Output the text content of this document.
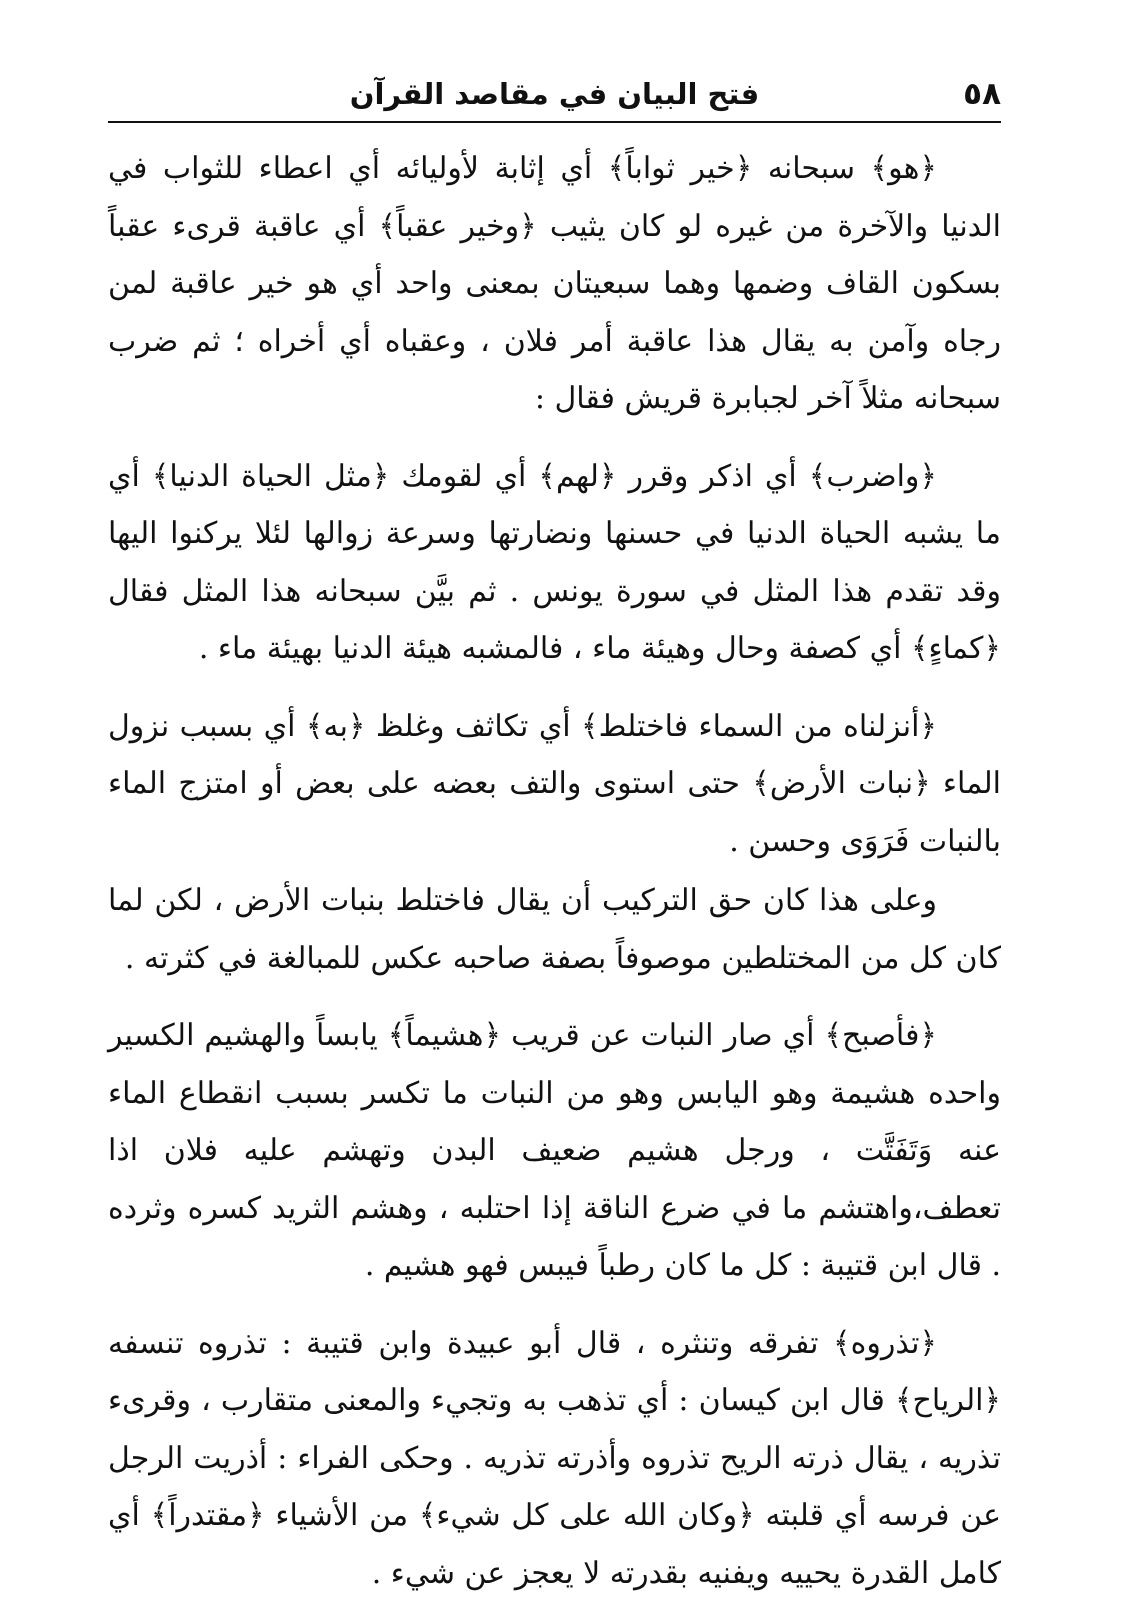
٥٨
فتح البيان في مقاصد القرآن

﴿هو﴾ سبحانه ﴿خير ثواباً﴾ أي إثابة لأوليائه أي اعطاء للثواب في الدنيا والآخرة من غيره لو كان يثيب ﴿وخير عقباً﴾ أي عاقبة قرىء عقباً بسكون القاف وضمها وهما سبعيتان بمعنى واحد أي هو خير عاقبة لمن رجاه وآمن به يقال هذا عاقبة أمر فلان ، وعقباه أي أخراه ؛ ثم ضرب سبحانه مثلاً آخر لجبابرة قريش فقال :

﴿واضرب﴾ أي اذكر وقرر ﴿لهم﴾ أي لقومك ﴿مثل الحياة الدنيا﴾ أي ما يشبه الحياة الدنيا في حسنها ونضارتها وسرعة زوالها لئلا يركنوا اليها وقد تقدم هذا المثل في سورة يونس . ثم بيَّن سبحانه هذا المثل فقال ﴿كماءٍ﴾ أي كصفة وحال وهيئة ماء ، فالمشبه هيئة الدنيا بهيئة ماء .

﴿أنزلناه من السماء فاختلط﴾ أي تكاثف وغلظ ﴿به﴾ أي بسبب نزول الماء ﴿نبات الأرض﴾ حتى استوى والتف بعضه على بعض أو امتزج الماء بالنبات فَرَوَى وحسن .

وعلى هذا كان حق التركيب أن يقال فاختلط بنبات الأرض ، لكن لما كان كل من المختلطين موصوفاً بصفة صاحبه عكس للمبالغة في كثرته .

﴿فأصبح﴾ أي صار النبات عن قريب ﴿هشيماً﴾ يابساً والهشيم الكسير واحده هشيمة وهو اليابس وهو من النبات ما تكسر بسبب انقطاع الماء عنه وَتَفَتَّت ، ورجل هشيم ضعيف البدن وتهشم عليه فلان اذا تعطف،واهتشم ما في ضرع الناقة إذا احتلبه ، وهشم الثريد كسره وثرده . قال ابن قتيبة : كل ما كان رطباً فيبس فهو هشيم .

﴿تذروه﴾ تفرقه وتنثره ، قال أبو عبيدة وابن قتيبة : تذروه تنسفه ﴿الرياح﴾ قال ابن كيسان : أي تذهب به وتجيء والمعنى متقارب ، وقرىء تذريه ، يقال ذرته الريح تذروه وأذرته تذريه . وحكى الفراء : أذريت الرجل عن فرسه أي قلبته ﴿وكان الله على كل شيء﴾ من الأشياء ﴿مقتدراً﴾ أي كامل القدرة يحييه ويفنيه بقدرته لا يعجز عن شيء .
